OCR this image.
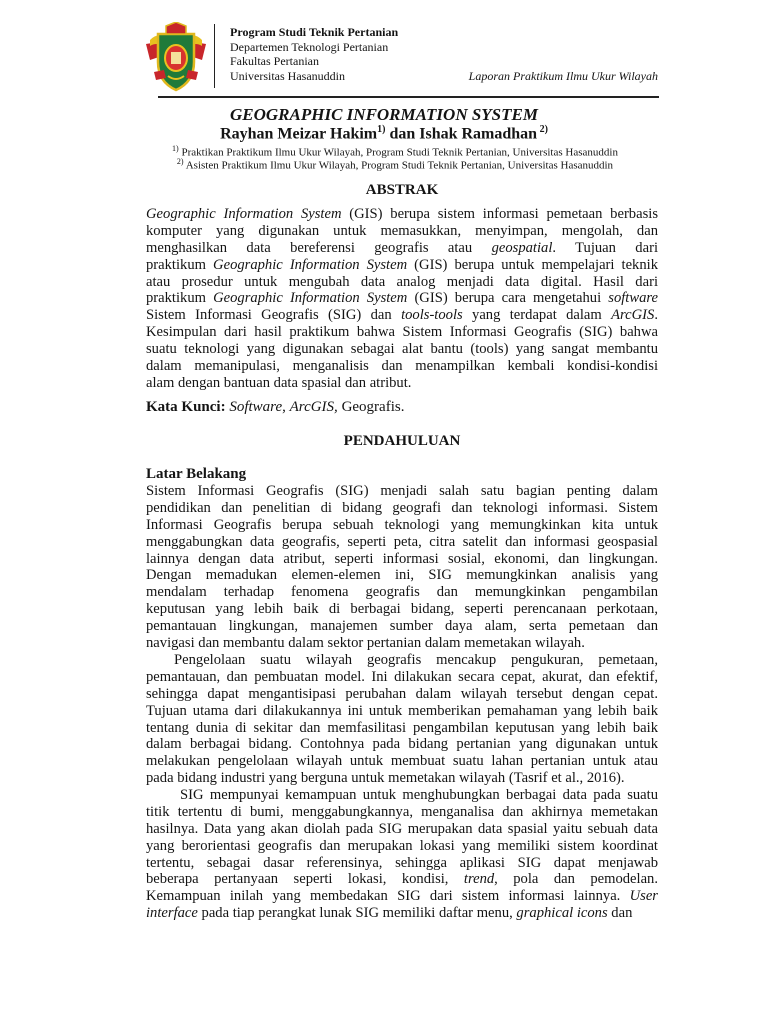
Program Studi Teknik Pertanian
Departemen Teknologi Pertanian
Fakultas Pertanian
Universitas Hasanuddin	Laporan Praktikum Ilmu Ukur Wilayah
GEOGRAPHIC INFORMATION SYSTEM
Rayhan Meizar Hakim$^{1)}$ dan Ishak Ramadhan $^{2)}$
$^{1)}$ Praktikan Praktikum Ilmu Ukur Wilayah, Program Studi Teknik Pertanian, Universitas Hasanuddin
$^{2)}$ Asisten Praktikum Ilmu Ukur Wilayah, Program Studi Teknik Pertanian, Universitas Hasanuddin
ABSTRAK
Geographic Information System (GIS) berupa sistem informasi pemetaan berbasis
komputer yang digunakan untuk memasukkan, menyimpan, mengolah, dan
menghasilkan data bereferensi geografis atau geospatial. Tujuan dari
praktikum Geographic Information System (GIS) berupa untuk mempelajari teknik
atau prosedur untuk mengubah data analog menjadi data digital. Hasil dari
praktikum Geographic Information System (GIS) berupa cara mengetahui software
Sistem Informasi Geografis (SIG) dan tools-tools yang terdapat dalam ArcGIS.
Kesimpulan dari hasil praktikum bahwa Sistem Informasi Geografis (SIG) bahwa
suatu teknologi yang digunakan sebagai alat bantu (tools) yang sangat membantu
dalam memanipulasi, menganalisis dan menampilkan kembali kondisi-kondisi
alam dengan bantuan data spasial dan atribut.
Kata Kunci: Software, ArcGIS, Geografis.
PENDAHULUAN
Latar Belakang
Sistem Informasi Geografis (SIG) menjadi salah satu bagian penting dalam
pendidikan dan penelitian di bidang geografi dan teknologi informasi. Sistem
Informasi Geografis berupa sebuah teknologi yang memungkinkan kita untuk
menggabungkan data geografis, seperti peta, citra satelit dan informasi geospasial
lainnya dengan data atribut, seperti informasi sosial, ekonomi, dan lingkungan.
Dengan memadukan elemen-elemen ini, SIG memungkinkan analisis yang
mendalam terhadap fenomena geografis dan memungkinkan pengambilan
keputusan yang lebih baik di berbagai bidang, seperti perencanaan perkotaan,
pemantauan lingkungan, manajemen sumber daya alam, serta pemetaan dan
navigasi dan membantu dalam sektor pertanian dalam memetakan wilayah.
Pengelolaan suatu wilayah geografis mencakup pengukuran, pemetaan,
pemantauan, dan pembuatan model. Ini dilakukan secara cepat, akurat, dan efektif,
sehingga dapat mengantisipasi perubahan dalam wilayah tersebut dengan cepat.
Tujuan utama dari dilakukannya ini untuk memberikan pemahaman yang lebih baik
tentang dunia di sekitar dan memfasilitasi pengambilan keputusan yang lebih baik
dalam berbagai bidang. Contohnya pada bidang pertanian yang digunakan untuk
melakukan pengelolaan wilayah untuk membuat suatu lahan pertanian untuk atau
pada bidang industri yang berguna untuk memetakan wilayah (Tasrif et al., 2016).
SIG mempunyai kemampuan untuk menghubungkan berbagai data pada suatu
titik tertentu di bumi, menggabungkannya, menganalisa dan akhirnya memetakan
hasilnya. Data yang akan diolah pada SIG merupakan data spasial yaitu sebuah data
yang berorientasi geografis dan merupakan lokasi yang memiliki sistem koordinat
tertentu, sebagai dasar referensinya, sehingga aplikasi SIG dapat menjawab
beberapa pertanyaan seperti lokasi, kondisi, trend, pola dan pemodelan.
Kemampuan inilah yang membedakan SIG dari sistem informasi lainnya. User
interface pada tiap perangkat lunak SIG memiliki daftar menu, graphical icons dan
